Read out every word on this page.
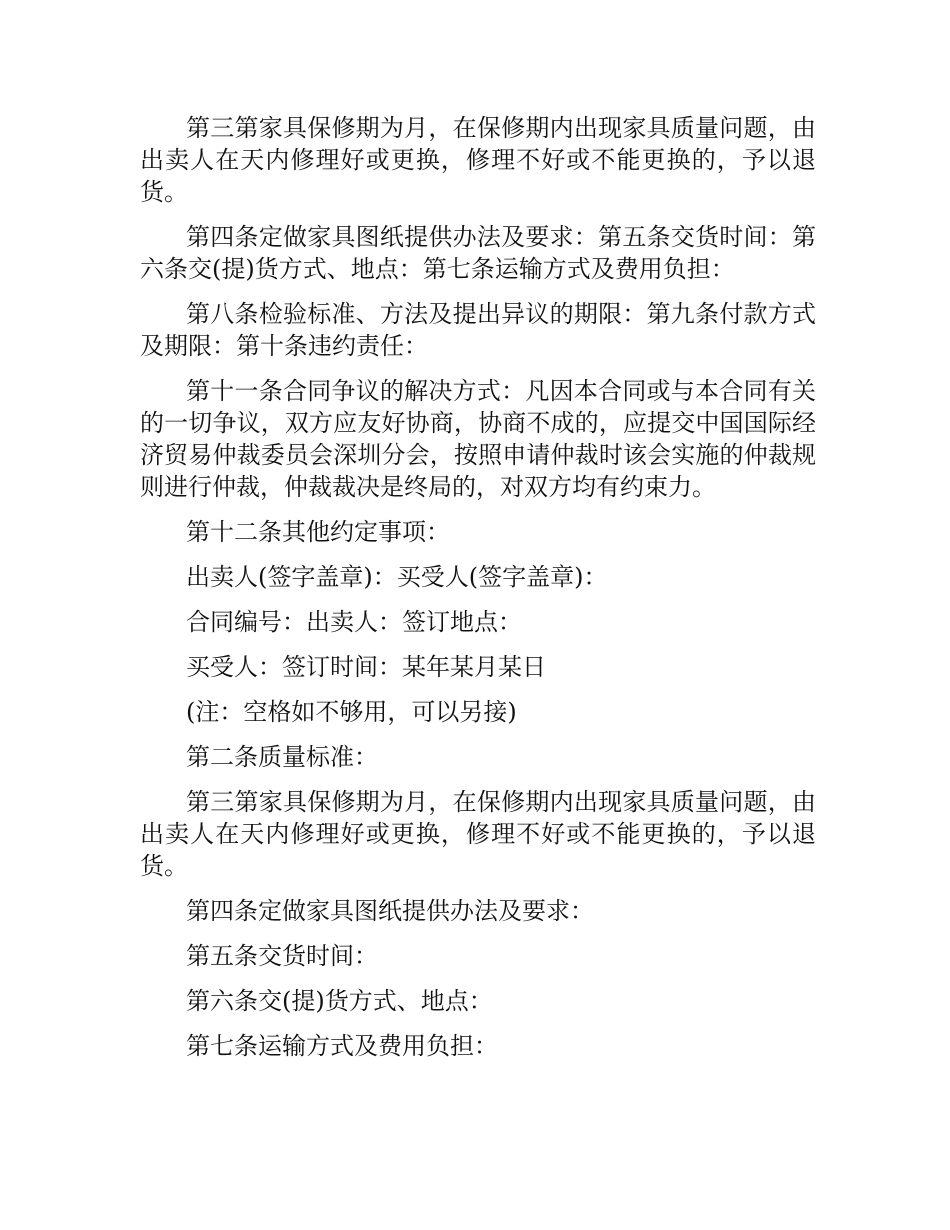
第三第家具保修期为月，在保修期内出现家具质量问题，由出卖人在天内修理好或更换，修理不好或不能更换的，予以退货。

第四条定做家具图纸提供办法及要求：第五条交货时间：第六条交(提)货方式、地点：第七条运输方式及费用负担：

第八条检验标准、方法及提出异议的期限：第九条付款方式及期限：第十条违约责任：

第十一条合同争议的解决方式：凡因本合同或与本合同有关的一切争议，双方应友好协商，协商不成的，应提交中国国际经济贸易仲裁委员会深圳分会，按照申请仲裁时该会实施的仲裁规则进行仲裁，仲裁裁决是终局的，对双方均有约束力。

第十二条其他约定事项：

出卖人(签字盖章)：买受人(签字盖章)：

合同编号：出卖人：签订地点：

买受人：签订时间：某年某月某日

(注：空格如不够用，可以另接)

第二条质量标准：

第三第家具保修期为月，在保修期内出现家具质量问题，由出卖人在天内修理好或更换，修理不好或不能更换的，予以退货。

第四条定做家具图纸提供办法及要求：

第五条交货时间：

第六条交(提)货方式、地点：

第七条运输方式及费用负担：
